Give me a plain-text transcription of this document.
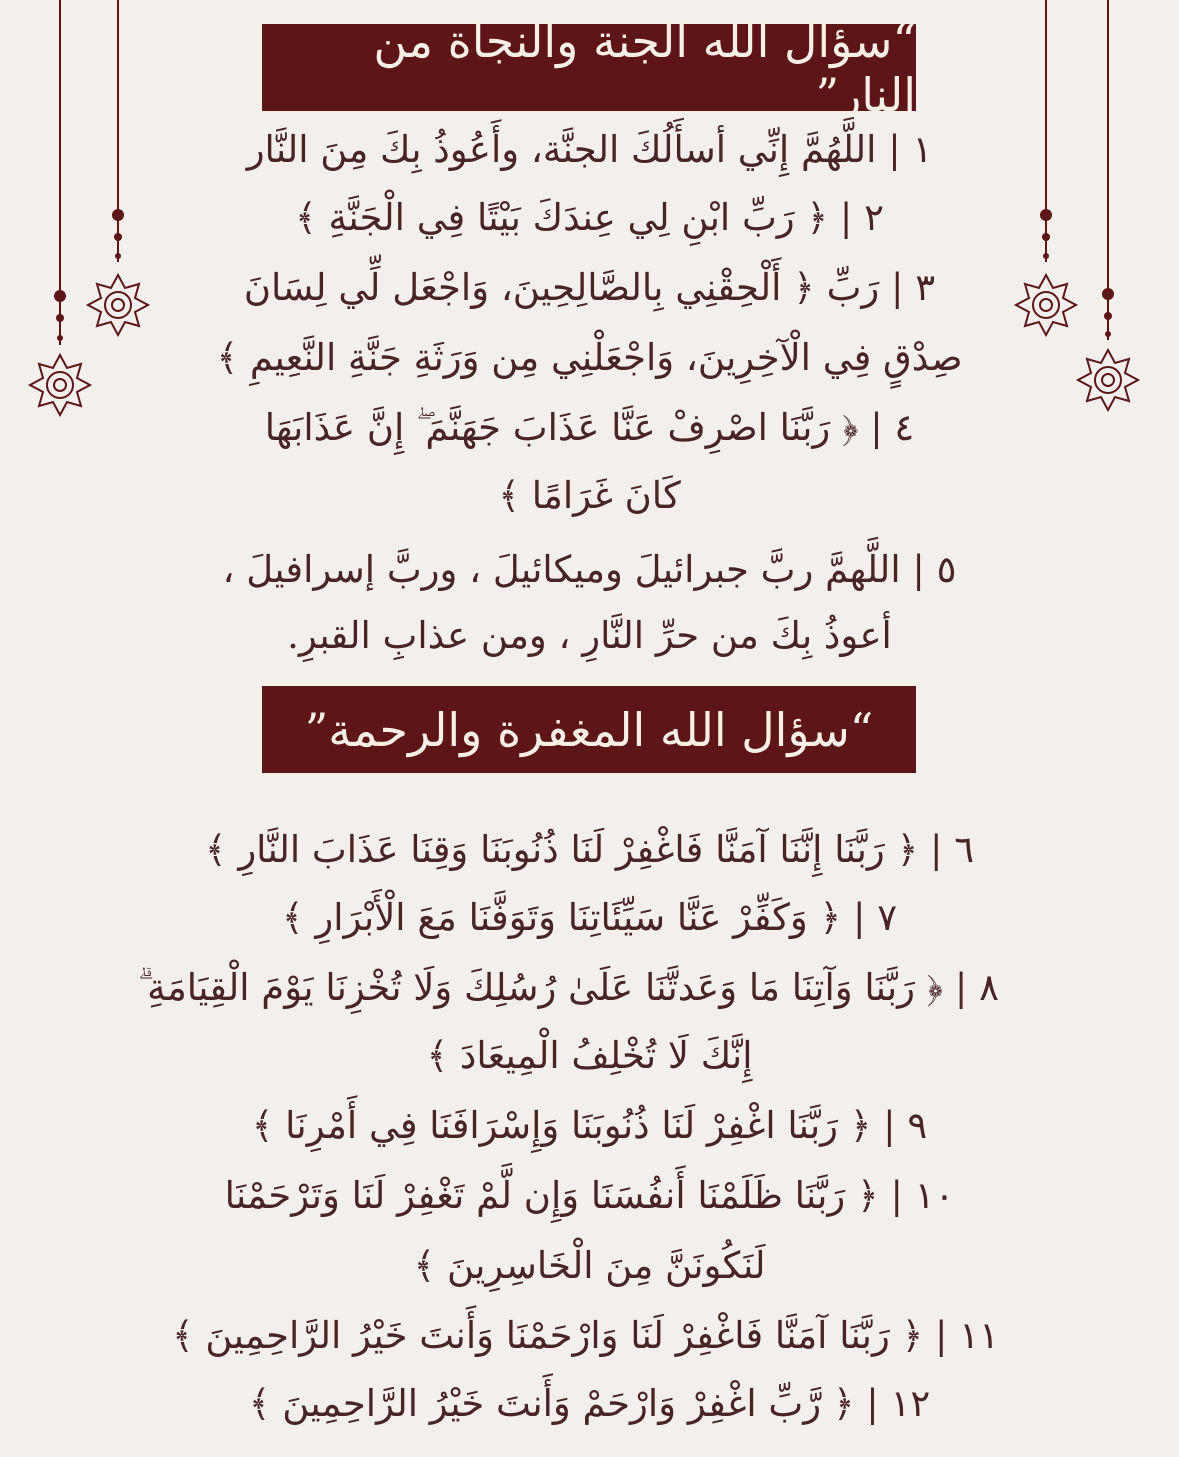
“سؤال الله الجنة والنجاة من النار”
١ | اللَّهُمَّ إِنِّي أسأَلُكَ الجنَّة، وأَعُوذُ بِكَ مِنَ النَّار
٢ | ﴿ رَبِّ ابْنِ لِي عِندَكَ بَيْتًا فِي الْجَنَّةِ ﴾
٣ | رَبِّ ﴿ أَلْحِقْنِي بِالصَّالِحِينَ، وَاجْعَل لِّي لِسَانَ
صِدْقٍ فِي الْآخِرِينَ، وَاجْعَلْنِي مِن وَرَثَةِ جَنَّةِ النَّعِيمِ ﴾
٤ | ﴿ رَبَّنَا اصْرِفْ عَنَّا عَذَابَ جَهَنَّمَ ۖ إِنَّ عَذَابَهَا
كَانَ غَرَامًا ﴾
٥ | اللَّهمَّ ربَّ جبرائيلَ وميكائيلَ ، وربَّ إسرافيلَ ،
أعوذُ بِكَ من حرِّ النَّارِ ، ومن عذابِ القبرِ.
“سؤال الله المغفرة والرحمة”
٦ | ﴿ رَبَّنَا إِنَّنَا آمَنَّا فَاغْفِرْ لَنَا ذُنُوبَنَا وَقِنَا عَذَابَ النَّارِ ﴾
٧ | ﴿ وَكَفِّرْ عَنَّا سَيِّئَاتِنَا وَتَوَفَّنَا مَعَ الْأَبْرَارِ ﴾
٨ | ﴿ رَبَّنَا وَآتِنَا مَا وَعَدتَّنَا عَلَىٰ رُسُلِكَ وَلَا تُخْزِنَا يَوْمَ الْقِيَامَةِ ۗ
إِنَّكَ لَا تُخْلِفُ الْمِيعَادَ ﴾
٩ | ﴿ رَبَّنَا اغْفِرْ لَنَا ذُنُوبَنَا وَإِسْرَافَنَا فِي أَمْرِنَا ﴾
١٠ | ﴿ رَبَّنَا ظَلَمْنَا أَنفُسَنَا وَإِن لَّمْ تَغْفِرْ لَنَا وَتَرْحَمْنَا
لَنَكُونَنَّ مِنَ الْخَاسِرِينَ ﴾
١١ | ﴿ رَبَّنَا آمَنَّا فَاغْفِرْ لَنَا وَارْحَمْنَا وَأَنتَ خَيْرُ الرَّاحِمِينَ ﴾
١٢ | ﴿ رَّبِّ اغْفِرْ وَارْحَمْ وَأَنتَ خَيْرُ الرَّاحِمِينَ ﴾
